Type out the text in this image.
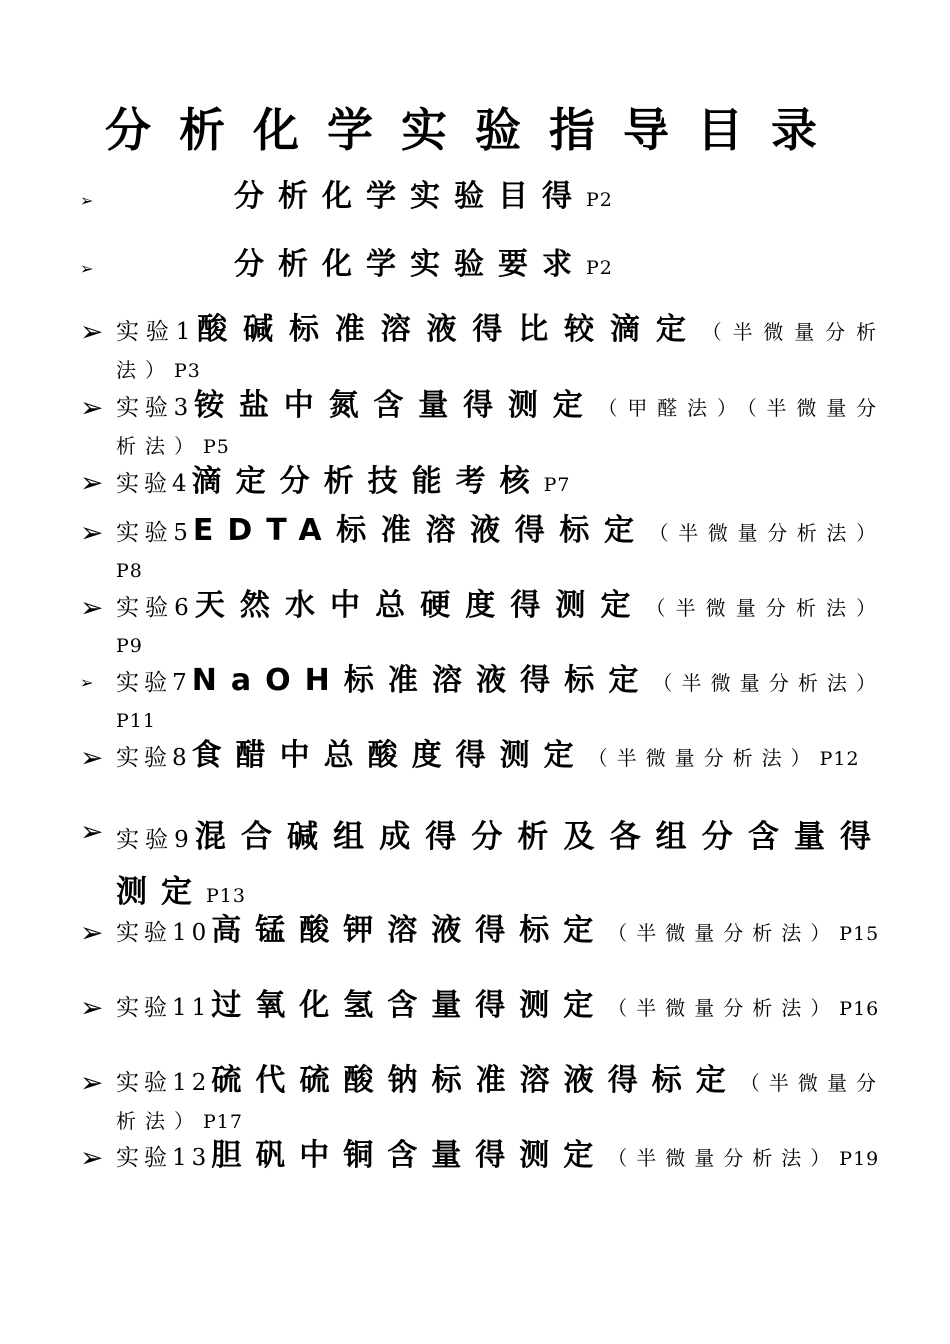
分析化学实验指导目录
➢	分析化学实验目得P2
➢	分析化学实验要求P2
➢ 实验1酸碱标准溶液得比较滴定（半微量分析法）P3
➢ 实验3铵盐中氮含量得测定（甲醛法）（半微量分析法）P5
➢ 实验4滴定分析技能考核P7
➢ 实验5EDTA标准溶液得标定（半微量分析法）P8
➢ 实验6天然水中总硬度得测定（半微量分析法）P9
➢ 实验7NaOH标准溶液得标定（半微量分析法）P11
➢ 实验8食醋中总酸度得测定（半微量分析法）P12
➢ 实验9混合碱组成得分析及各组分含量得测定P13
➢ 实验10高锰酸钾溶液得标定（半微量分析法）P15
➢ 实验11过氧化氢含量得测定（半微量分析法）P16
➢ 实验12硫代硫酸钠标准溶液得标定（半微量分析法）P17
➢ 实验13胆矾中铜含量得测定（半微量分析法）P19
